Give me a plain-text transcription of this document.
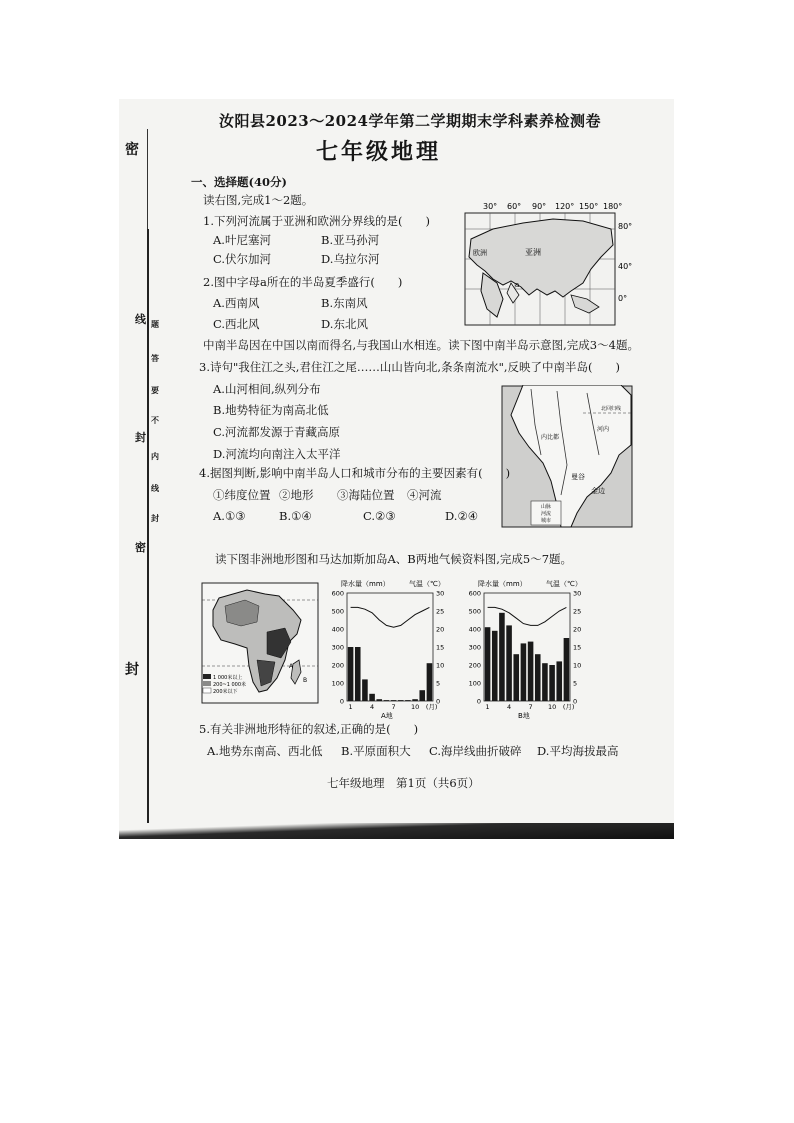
密
封
线 题
答
要
不
封
内
线
封
密
汝阳县2023～2024学年第二学期期末学科素养检测卷
七年级地理
一、选择题(40分)
读右图,完成1～2题。
1.下列河流属于亚洲和欧洲分界线的是(　　)
A.叶尼塞河	B.亚马孙河
C.伏尔加河	D.乌拉尔河
2.图中字母a所在的半岛夏季盛行(　　)
A.西南风	B.东南风
C.西北风	D.东北风
30° 60° 90° 120° 150° 180°
80°
40°
0°
欧洲	亚洲
a
中南半岛因在中国以南而得名,与我国山水相连。读下图中南半岛示意图,完成3～4题。
3.诗句"我住江之头,君住江之尾……山山皆向北,条条南流水",反映了中南半岛(　　)
A.山河相间,纵列分布
B.地势特征为南高北低
C.河流都发源于青藏高原
D.河流均向南注入太平洋
北回归线
河内
内比都
曼谷
金边
山脉
河流
城市
4.据图判断,影响中南半岛人口和城市分布的主要因素有(　　)
①纬度位置 ②地形 ③海陆位置 ④河流
A.①③	B.①④	C.②③	D.②④
读下图非洲地形图和马达加斯加岛A、B两地气候资料图,完成5～7题。
A
B
1 000米以上
200~1 000米
200米以下
降水量（mm）	气温（℃）
600
500
400
300
200
100
0
30
25
20
15
10
5
0
1	4	7 10 (月)
A地
降水量（mm）	气温（℃）
600
500
400
300
200
100
0
30
25
20
15
10
5
0
1	4	7 10 (月)
B地
5.有关非洲地形特征的叙述,正确的是(　　)
A.地势东南高、西北低 B.平原面积大 C.海岸线曲折破碎 D.平均海拔最高
七年级地理　第1页（共6页）
